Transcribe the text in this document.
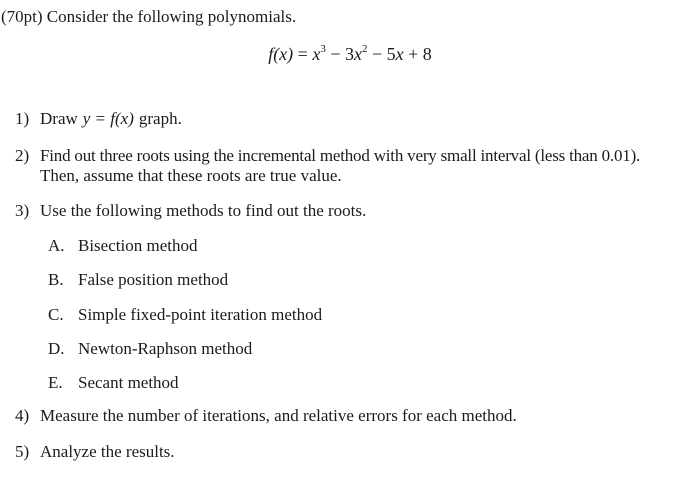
(70pt) Consider the following polynomials.
$f(x) = x^3 - 3x^2 - 5x + 8$
1) Draw y = f(x) graph.
2) Find out three roots using the incremental method with very small interval (less than 0.01).
Then, assume that these roots are true value.
3) Use the following methods to find out the roots.
A. Bisection method
B. False position method
C. Simple fixed-point iteration method
D. Newton-Raphson method
E. Secant method
4) Measure the number of iterations, and relative errors for each method.
5) Analyze the results.
